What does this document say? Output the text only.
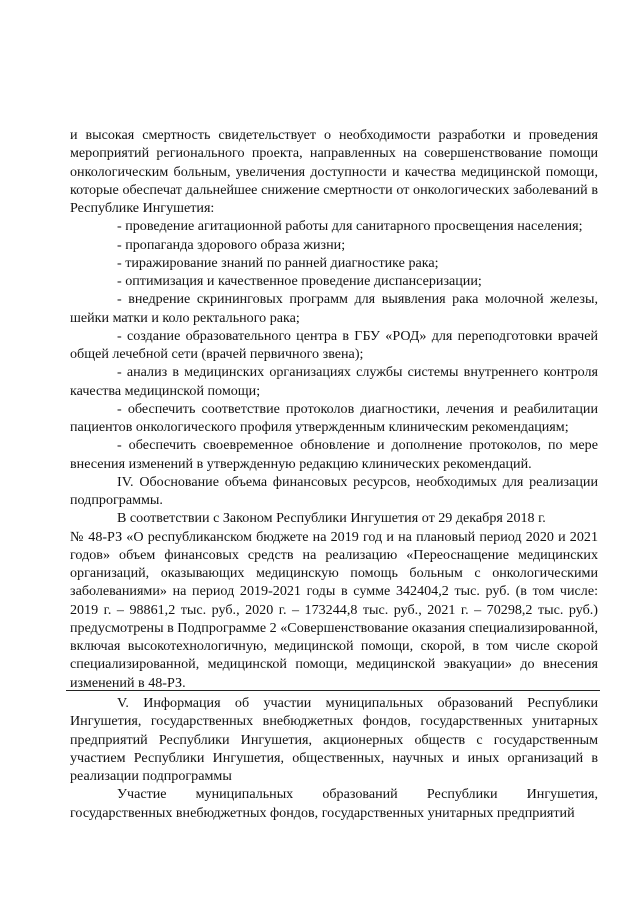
и высокая смертность свидетельствует о необходимости разработки и проведения мероприятий регионального проекта, направленных на совершенствование помощи онкологическим больным, увеличения доступности и качества медицинской помощи, которые обеспечат дальнейшее снижение смертности от онкологических заболеваний в Республике Ингушетия:

- проведение агитационной работы для санитарного просвещения населения;

- пропаганда здорового образа жизни;

- тиражирование знаний по ранней диагностике рака;

- оптимизация и качественное проведение диспансеризации;

- внедрение скрининговых программ для выявления рака молочной железы, шейки матки и коло ректального рака;

- создание образовательного центра в ГБУ «РОД» для переподготовки врачей общей лечебной сети (врачей первичного звена);

- анализ в медицинских организациях службы системы внутреннего контроля качества медицинской помощи;

- обеспечить соответствие протоколов диагностики, лечения и реабилитации пациентов онкологического профиля утвержденным клиническим рекомендациям;

- обеспечить своевременное обновление и дополнение протоколов, по мере внесения изменений в утвержденную редакцию клинических рекомендаций.

IV. Обоснование объема финансовых ресурсов, необходимых для реализации подпрограммы.

В соответствии с Законом Республики Ингушетия от 29 декабря 2018 г.

№ 48-РЗ «О республиканском бюджете на 2019 год и на плановый период 2020 и 2021 годов» объем финансовых средств на реализацию «Переоснащение медицинских организаций, оказывающих медицинскую помощь больным с онкологическими заболеваниями» на период 2019-2021 годы в сумме 342404,2 тыс. руб. (в том числе: 2019 г. – 98861,2 тыс. руб., 2020 г. – 173244,8 тыс. руб., 2021 г. – 70298,2 тыс. руб.) предусмотрены в Подпрограмме 2 «Совершенствование оказания специализированной, включая высокотехнологичную, медицинской помощи, скорой, в том числе скорой специализированной, медицинской помощи, медицинской эвакуации» до внесения изменений в 48-РЗ.

V. Информация об участии муниципальных образований Республики Ингушетия, государственных внебюджетных фондов, государственных унитарных предприятий Республики Ингушетия, акционерных обществ с государственным участием Республики Ингушетия, общественных, научных и иных организаций в реализации подпрограммы

Участие муниципальных образований Республики Ингушетия, государственных внебюджетных фондов, государственных унитарных предприятий
